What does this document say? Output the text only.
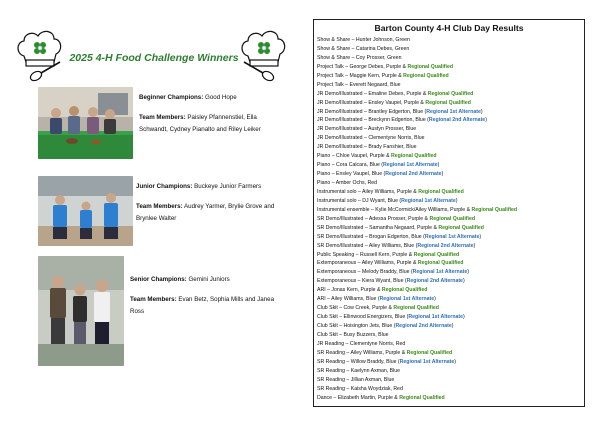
H
2025 4-H Food Challenge Winners
H
Beginner Champions: Good Hope
Team Members: Paisley Pfannenstiel, Ella Schwandt, Cydney Pianalto and Riley Leiker
Junior Champions: Buckeye Junior Farmers
Team Members: Audrey Yarmer, Brylie Grove and Brynlee Walter
Senior Champions: Gemini Juniors
Team Members: Evan Betz, Sophia Mills and Janea Ross
Barton County 4-H Club Day Results
Show & Share – Hunter Johnson, Green
Show & Share – Catarina Debes, Green
Show & Share – Coy Prosser, Green
Project Talk – George Debes, Purple & Regional Qualified
Project Talk – Maggie Kern, Purple & Regional Qualified
Project Talk – Everett Negaard, Blue
JR Demo/Illustrated – Emaline Debes, Purple & Regional Qualified
JR Demo/Illustrated – Ensley Vaupel, Purple & Regional Qualified
JR Demo/Illustrated – Brantley Edgerton, Blue (Regional 1st Alternate)
JR Demo/Illustrated – Breckynn Edgerton, Blue (Regional 2nd Alternate)
JR Demo/Illustrated – Austyn Prosser, Blue
JR Demo/Illustrated – Clementyne Norris, Blue
JR Demo/Illustrated – Brady Fanshier, Blue
Piano – Chloe Vaupel, Purple & Regional Qualified
Piano – Cora Calcara, Blue (Regional 1st Alternate)
Piano – Ensley Vaupel, Blue (Regional 2nd Alternate)
Piano – Amber Ochs, Red
Instrumental solo – Ailey Williams, Purple & Regional Qualified
Instrumental solo – DJ Wyant, Blue (Regional 1st Alternate)
Instrumental ensemble – Kylie McCormick/Ailey Williams, Purple & Regional Qualified
SR Demo/Illustrated – Adessa Prosser, Purple & Regional Qualified
SR Demo/Illustrated – Samantha Negaard, Purple & Regional Qualified
SR Demo/Illustrated – Brogan Edgerton, Blue (Regional 1st Alternate)
SR Demo/Illustrated – Ailey Williams, Blue (Regional 2nd Alternate)
Public Speaking – Russell Kern, Purple & Regional Qualified
Extemporaneous – Ailey Williams, Purple & Regional Qualified
Extemporaneous – Melody Braddy, Blue (Regional 1st Alternate)
Extemporaneous – Kiera Wyant, Blue (Regional 2nd Alternate)
ARI – Jonas Kern, Purple & Regional Qualified
ARI – Ailey Williams, Blue (Regional 1st Alternate)
Club Skit – Cow Creek, Purple & Regional Qualified
Club Skit – Ellinwood Energizers, Blue (Regional 1st Alternate)
Club Skit – Hoisington Jets, Blue (Regional 2nd Alternate)
Club Skit – Busy Buzzers, Blue
JR Reading – Clementyne Norris, Red
SR Reading – Ailey Williams, Purple & Regional Qualified
SR Reading – Willow Braddy, Blue (Regional 1st Alternate)
SR Reading – Kaelynn Axman, Blue
SR Reading – Jillian Axman, Blue
SR Reading – Kaisha Woydziak, Red
Dance – Elizabeth Martin, Purple & Regional Qualified
